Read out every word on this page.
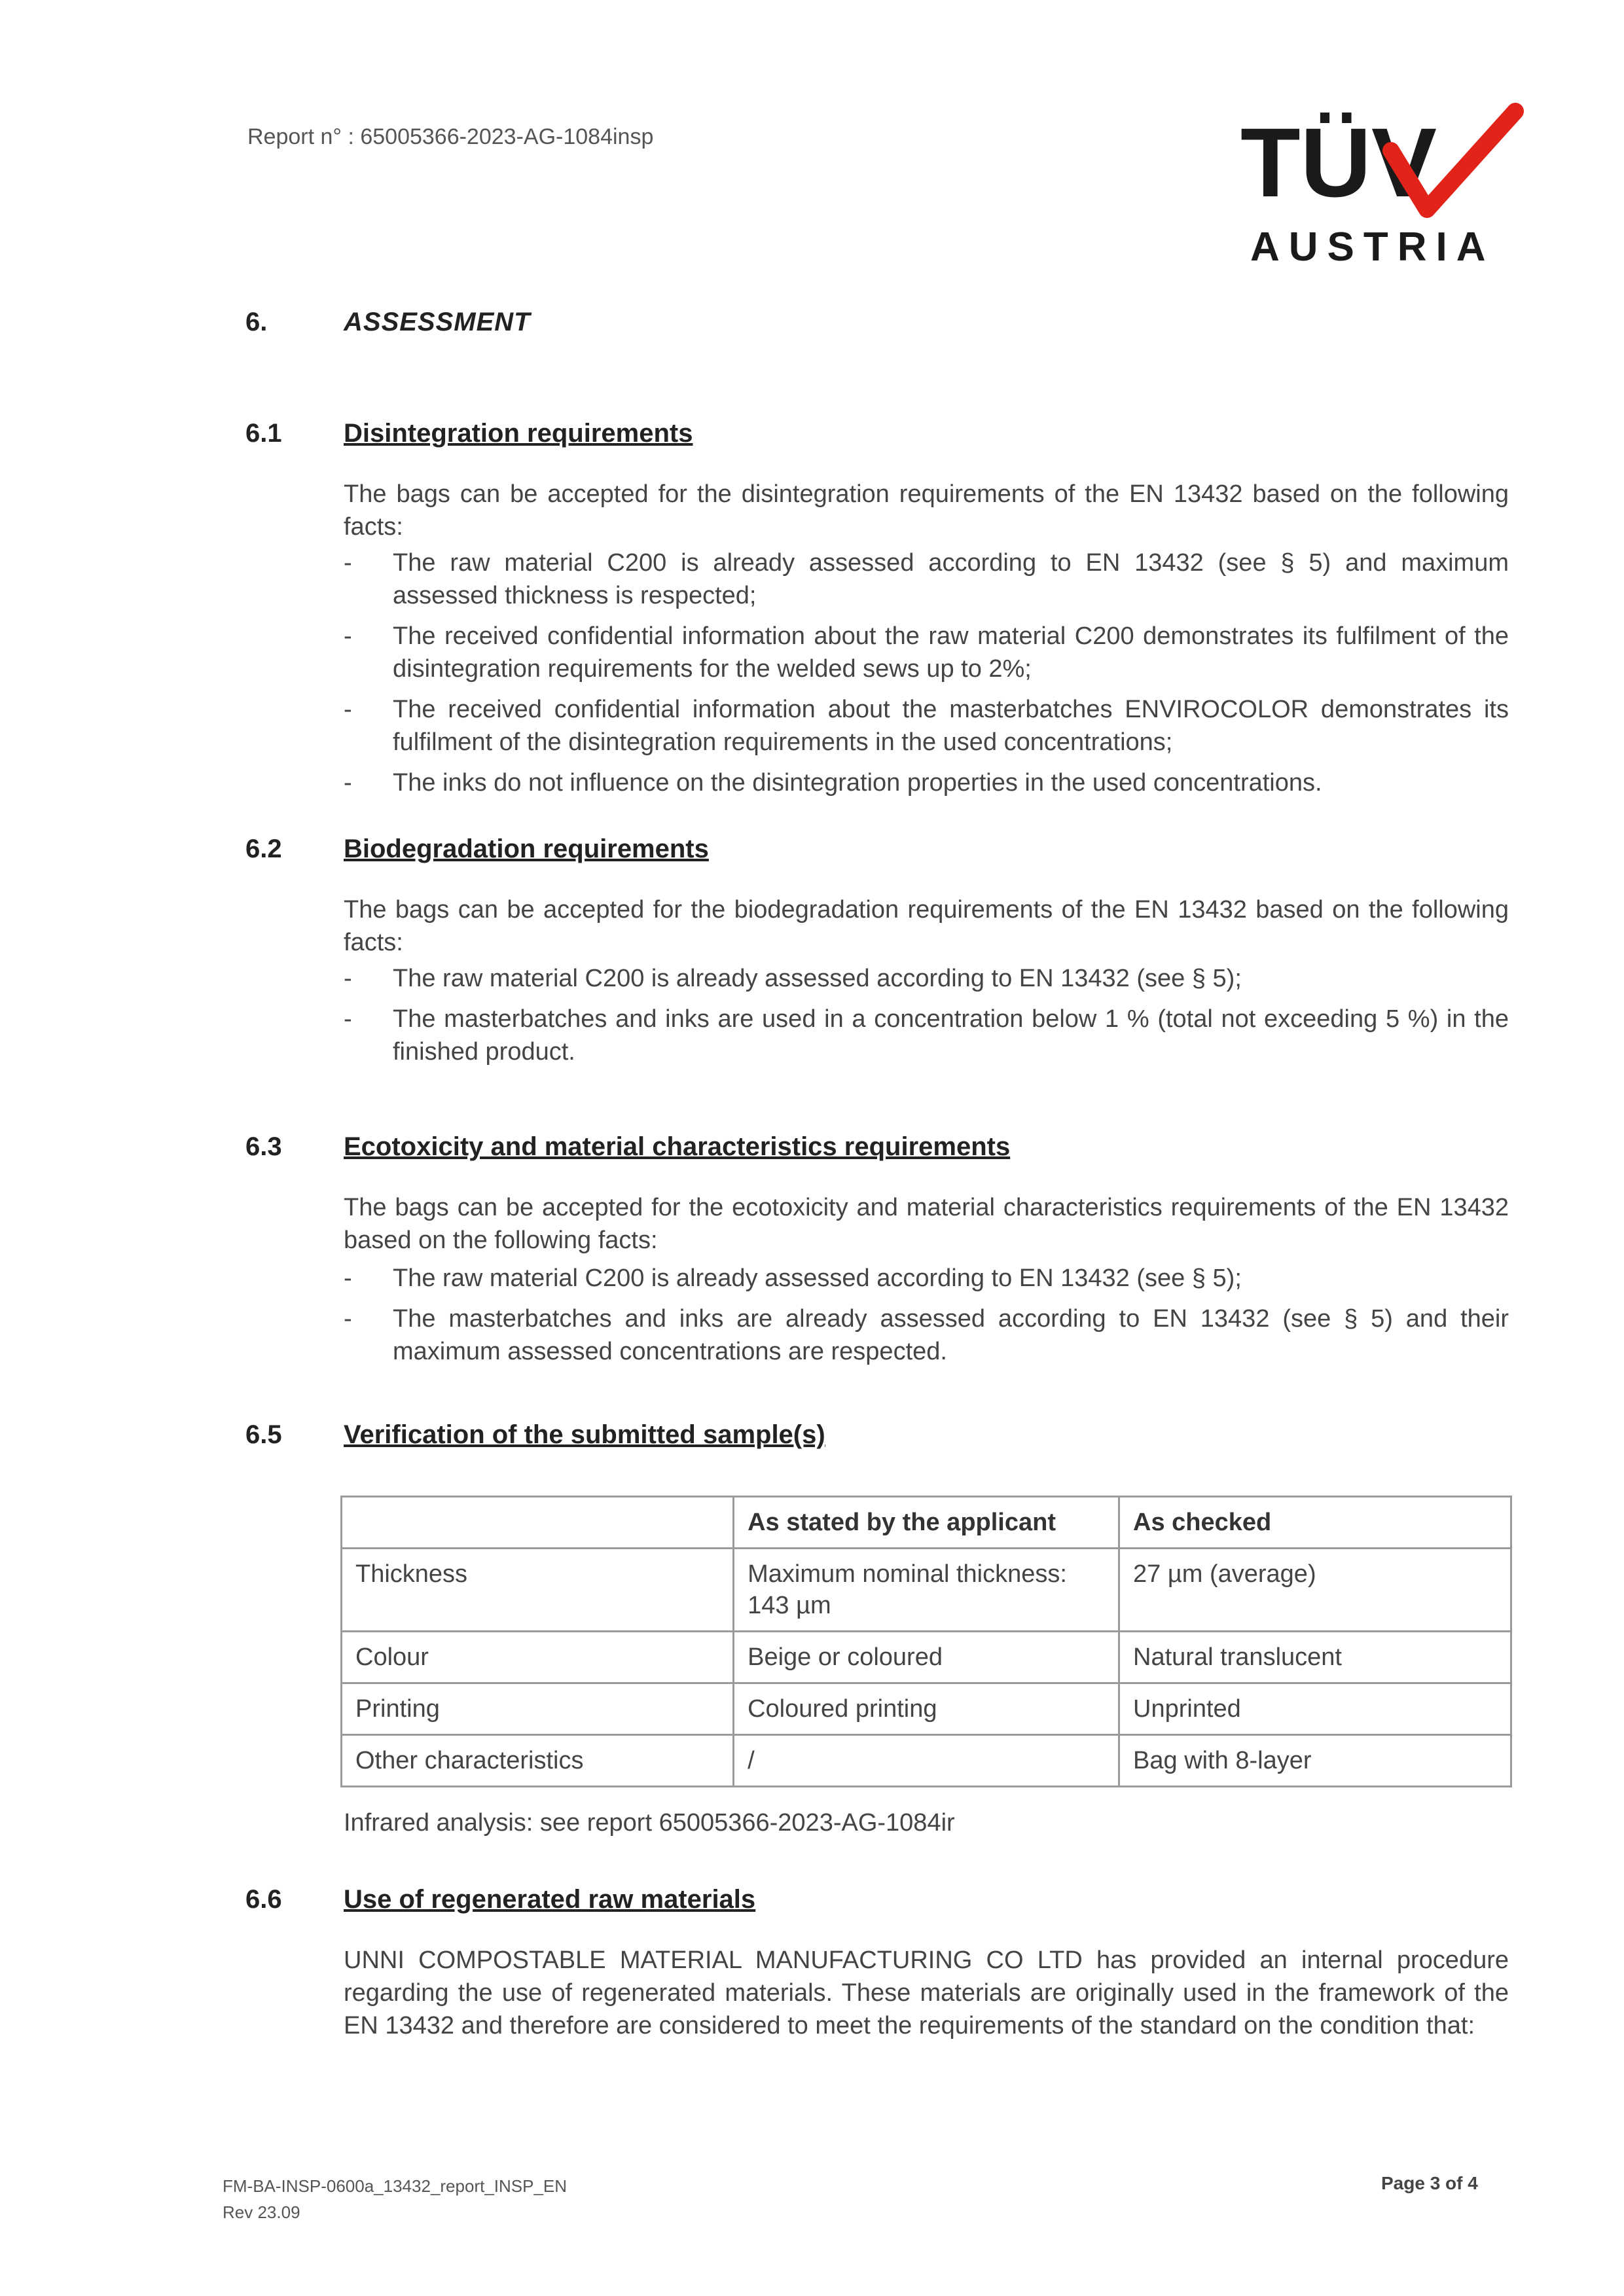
Report n° : 65005366-2023-AG-1084insp	TÜV
AUSTRIA
6.	ASSESSMENT
6.1 Disintegration requirements
The bags can be accepted for the disintegration requirements of the EN 13432 based on the following facts:
- The raw material C200 is already assessed according to EN 13432 (see § 5) and maximum assessed thickness is respected;
- The received confidential information about the raw material C200 demonstrates its fulfilment of the disintegration requirements for the welded sews up to 2%;
- The received confidential information about the masterbatches ENVIROCOLOR demonstrates its fulfilment of the disintegration requirements in the used concentrations;
- The inks do not influence on the disintegration properties in the used concentrations.
6.2 Biodegradation requirements
The bags can be accepted for the biodegradation requirements of the EN 13432 based on the following facts:
- The raw material C200 is already assessed according to EN 13432 (see § 5);
- The masterbatches and inks are used in a concentration below 1 % (total not exceeding 5 %) in the finished product.
6.3 Ecotoxicity and material characteristics requirements
The bags can be accepted for the ecotoxicity and material characteristics requirements of the EN 13432 based on the following facts:
- The raw material C200 is already assessed according to EN 13432 (see § 5);
- The masterbatches and inks are already assessed according to EN 13432 (see § 5) and their maximum assessed concentrations are respected.
6.5 Verification of the submitted sample(s)
	As stated by the applicant	As checked
Thickness	Maximum nominal thickness: 143 µm	27 µm (average)
Colour	Beige or coloured	Natural translucent
Printing	Coloured printing	Unprinted
Other characteristics	/	Bag with 8-layer
Infrared analysis: see report 65005366-2023-AG-1084ir
6.6 Use of regenerated raw materials
UNNI COMPOSTABLE MATERIAL MANUFACTURING CO LTD has provided an internal procedure regarding the use of regenerated materials. These materials are originally used in the framework of the EN 13432 and therefore are considered to meet the requirements of the standard on the condition that:
FM-BA-INSP-0600a_13432_report_INSP_EN
Rev 23.09
Page 3 of 4
